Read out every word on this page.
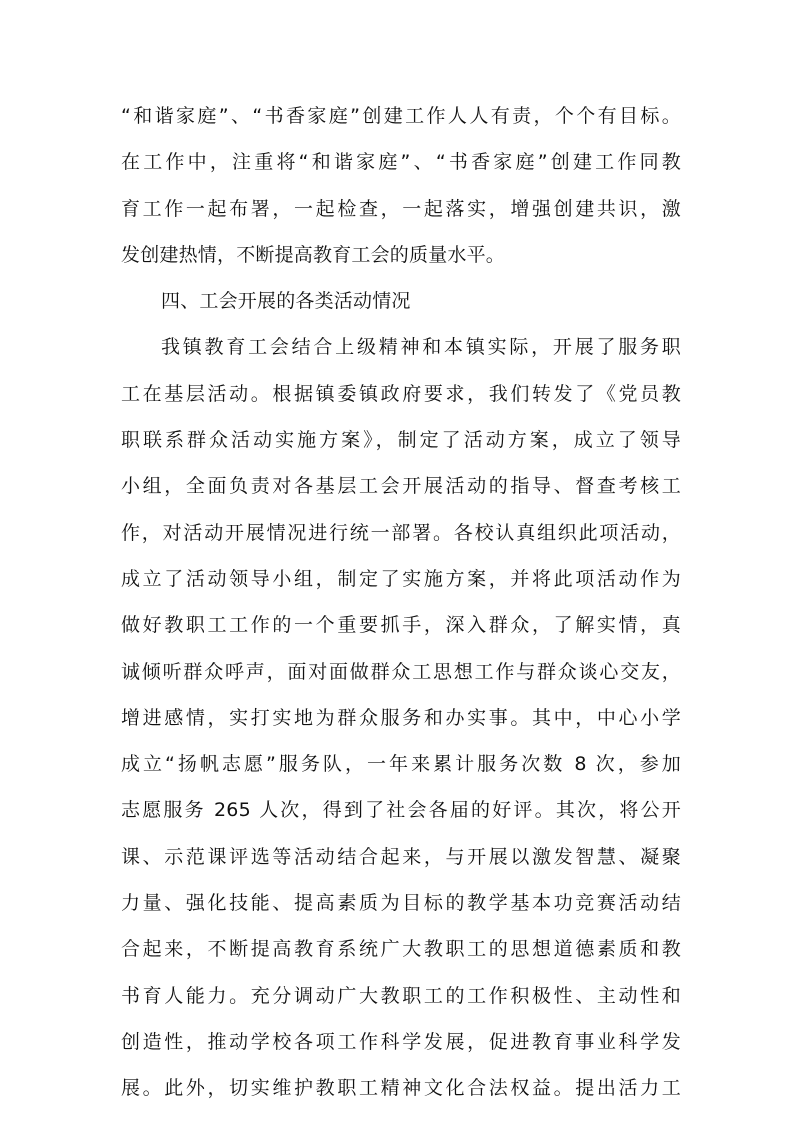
“和谐家庭”、“书香家庭”创建工作人人有责，个个有目标。
在工作中，注重将“和谐家庭”、“书香家庭”创建工作同教
育工作一起布署，一起检查，一起落实，增强创建共识，激
发创建热情，不断提高教育工会的质量水平。
四、工会开展的各类活动情况
我镇教育工会结合上级精神和本镇实际，开展了服务职
工在基层活动。根据镇委镇政府要求，我们转发了《党员教
职联系群众活动实施方案》，制定了活动方案，成立了领导
小组，全面负责对各基层工会开展活动的指导、督查考核工
作，对活动开展情况进行统一部署。各校认真组织此项活动，
成立了活动领导小组，制定了实施方案，并将此项活动作为
做好教职工工作的一个重要抓手，深入群众，了解实情，真
诚倾听群众呼声，面对面做群众工思想工作与群众谈心交友，
增进感情，实打实地为群众服务和办实事。其中，中心小学
成立“扬帆志愿”服务队，一年来累计服务次数 8 次，参加
志愿服务 265 人次，得到了社会各届的好评。其次，将公开
课、示范课评选等活动结合起来，与开展以激发智慧、凝聚
力量、强化技能、提高素质为目标的教学基本功竞赛活动结
合起来，不断提高教育系统广大教职工的思想道德素质和教
书育人能力。充分调动广大教职工的工作积极性、主动性和
创造性，推动学校各项工作科学发展，促进教育事业科学发
展。此外，切实维护教职工精神文化合法权益。提出活力工
